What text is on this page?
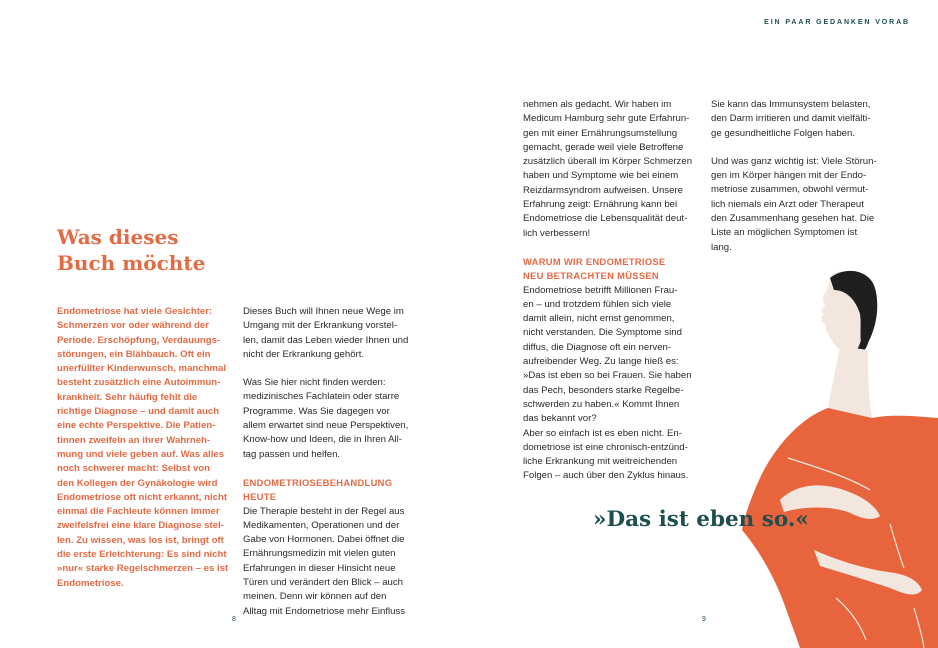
EIN PAAR GEDANKEN VORAB
Was dieses
Buch möchte

Endometriose hat viele Gesichter:
Schmerzen vor oder während der
Periode. Erschöpfung, Verdauungs-
störungen, ein Blähbauch. Oft ein
unerfüllter Kinderwunsch, manchmal
besteht zusätzlich eine Autoimmun-
krankheit. Sehr häufig fehlt die
richtige Diagnose – und damit auch
eine echte Perspektive. Die Patien-
tinnen zweifeln an ihrer Wahrneh-
mung und viele geben auf. Was alles
noch schwerer macht: Selbst von
den Kollegen der Gynäkologie wird
Endometriose oft nicht erkannt, nicht
einmal die Fachleute können immer
zweifelsfrei eine klare Diagnose stel-
len. Zu wissen, was los ist, bringt oft
die erste Erleichterung: Es sind nicht
»nur« starke Regelschmerzen – es ist
Endometriose.

Dieses Buch will Ihnen neue Wege im
Umgang mit der Erkrankung vorstel-
len, damit das Leben wieder Ihnen und
nicht der Erkrankung gehört.

Was Sie hier nicht finden werden:
medizinisches Fachlatein oder starre
Programme. Was Sie dagegen vor
allem erwartet sind neue Perspektiven,
Know-how und Ideen, die in Ihren All-
tag passen und helfen.

ENDOMETRIOSEBEHANDLUNG
HEUTE

Die Therapie besteht in der Regel aus
Medikamenten, Operationen und der
Gabe von Hormonen. Dabei öffnet die
Ernährungsmedizin mit vielen guten
Erfahrungen in dieser Hinsicht neue
Türen und verändert den Blick – auch
meinen. Denn wir können auf den
Alltag mit Endometriose mehr Einfluss

nehmen als gedacht. Wir haben im
Medicum Hamburg sehr gute Erfahrun-
gen mit einer Ernährungsumstellung
gemacht, gerade weil viele Betroffene
zusätzlich überall im Körper Schmerzen
haben und Symptome wie bei einem
Reizdarmsyndrom aufweisen. Unsere
Erfahrung zeigt: Ernährung kann bei
Endometriose die Lebensqualität deut-
lich verbessern!

WARUM WIR ENDOMETRIOSE
NEU BETRACHTEN MÜSSEN

Endometriose betrifft Millionen Frau-
en – und trotzdem fühlen sich viele
damit allein, nicht ernst genommen,
nicht verstanden. Die Symptome sind
diffus, die Diagnose oft ein nerven-
aufreibender Weg. Zu lange hieß es:
»Das ist eben so bei Frauen. Sie haben
das Pech, besonders starke Regelbe-
schwerden zu haben.« Kommt Ihnen
das bekannt vor?
Aber so einfach ist es eben nicht. En-
dometriose ist eine chronisch-entzünd-
liche Erkrankung mit weitreichenden
Folgen – auch über den Zyklus hinaus.

Sie kann das Immunsystem belasten,
den Darm irritieren und damit vielfälti-
ge gesundheitliche Folgen haben.

Und was ganz wichtig ist: Viele Störun-
gen im Körper hängen mit der Endo-
metriose zusammen, obwohl vermut-
lich niemals ein Arzt oder Therapeut
den Zusammenhang gesehen hat. Die
Liste an möglichen Symptomen ist
lang.

»Das ist eben so.«

8	9
